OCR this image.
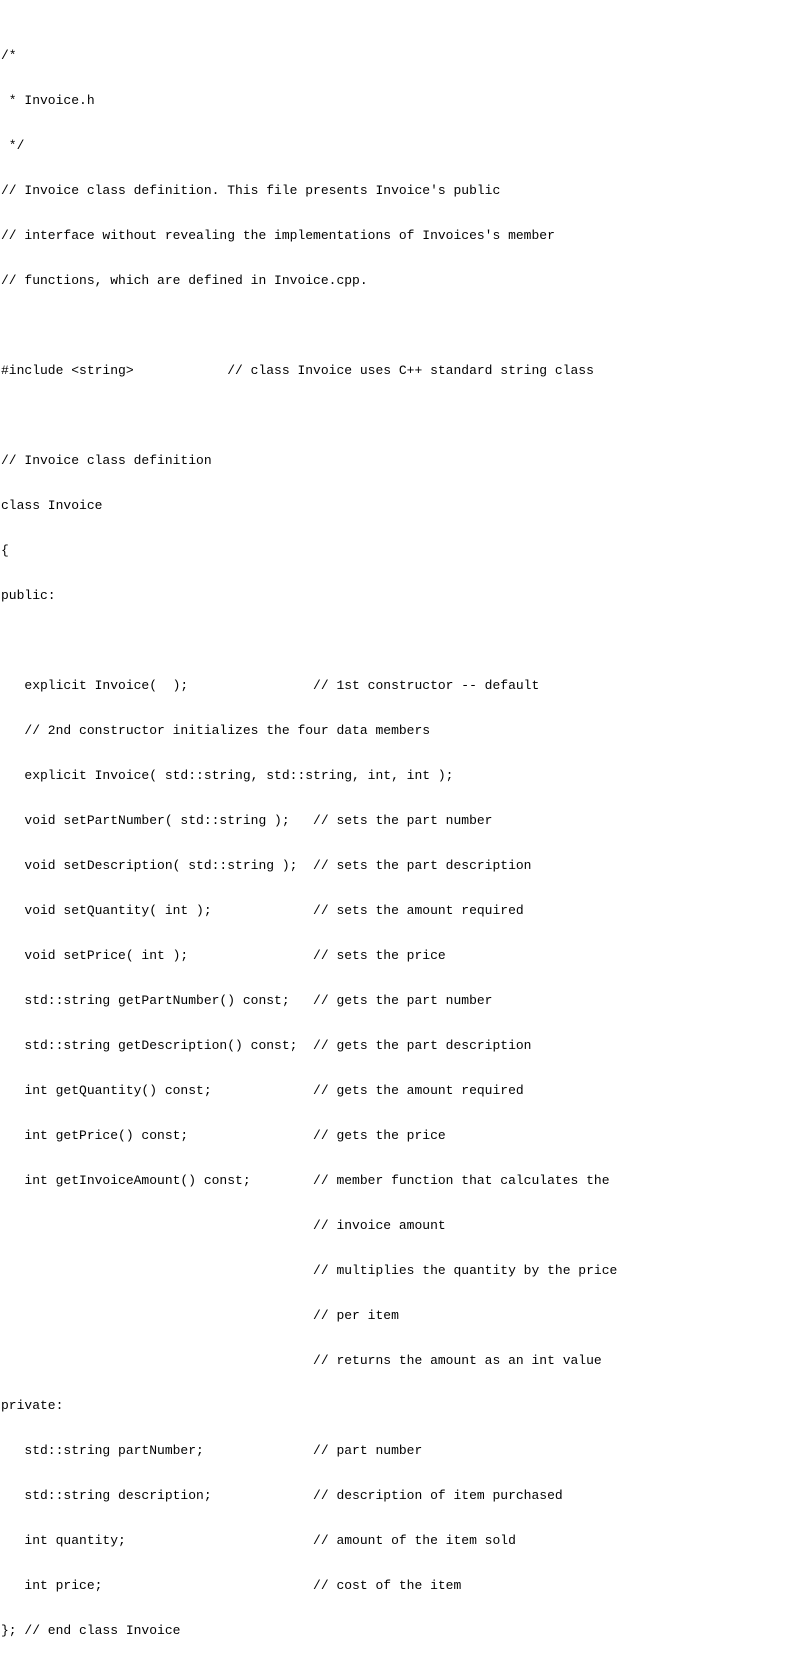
/*

* Invoice.h

*/

// Invoice class definition. This file presents Invoice's public

// interface without revealing the implementations of Invoices's member

// functions, which are defined in Invoice.cpp.

#include <string>            // class Invoice uses C++ standard string class

// Invoice class definition

class Invoice

{

public:

explicit Invoice(  );                // 1st constructor -- default

// 2nd constructor initializes the four data members

explicit Invoice( std::string, std::string, int, int );

void setPartNumber( std::string );   // sets the part number

void setDescription( std::string );  // sets the part description

void setQuantity( int );             // sets the amount required

void setPrice( int );                // sets the price

std::string getPartNumber() const;   // gets the part number

std::string getDescription() const;  // gets the part description

int getQuantity() const;             // gets the amount required

int getPrice() const;                // gets the price

int getInvoiceAmount() const;        // member function that calculates the

// invoice amount

// multiplies the quantity by the price

// per item

// returns the amount as an int value

private:

std::string partNumber;              // part number

std::string description;             // description of item purchased

int quantity;                        // amount of the item sold

int price;                           // cost of the item

}; // end class Invoice
